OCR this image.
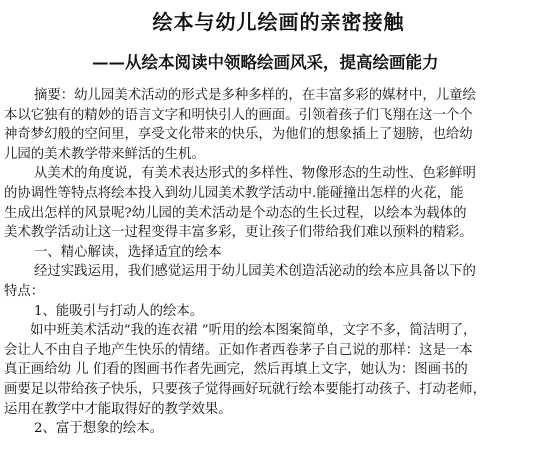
绘本与幼儿绘画的亲密接触
——从绘本阅读中领略绘画风采，提高绘画能力
摘要：幼儿园美术活动的形式是多种多样的，在丰富多彩的媒材中，儿童绘
本以它独有的精妙的语言文字和明快引人的画面。引领着孩子们飞翔在这一个个
神奇梦幻般的空间里，享受文化带来的快乐，为他们的想象插上了翅膀，也给幼
儿园的美术教学带来鲜活的生机。
从美术的角度说，有美术表达形式的多样性、物像形态的生动性、色彩鲜明
的协调性等特点将绘本投入到幼儿园美术教学活动中.能碰撞出怎样的火花，能
生成出怎样的风景呢?幼儿园的美术活动是个动态的生长过程，以绘本为载体的
美术教学活动让这一过程变得丰富多彩，更让孩子们带给我们难以预料的精彩。
一、精心解读，选择适宜的绘本
经过实践运用，我们感觉运用于幼儿园美术创造活泌动的绘本应具备以下的
特点：
1、能吸引与打动人的绘本。
如中班美术活动“我的连衣裙 ”听用的绘本图案简单，文字不多，简洁明了，
会让人不由自子地产生快乐的情绪。正如作者西卷茅子自己说的那样：这是一本
真正画给幼 儿 们看的图画书作者先画完，然后再填上文字，她认为：图画书的
画要足以带给孩子快乐，只要孩子觉得画好玩就行绘本要能打动孩子、打动老师，
运用在教学中才能取得好的教学效果。
2、富于想象的绘本。
